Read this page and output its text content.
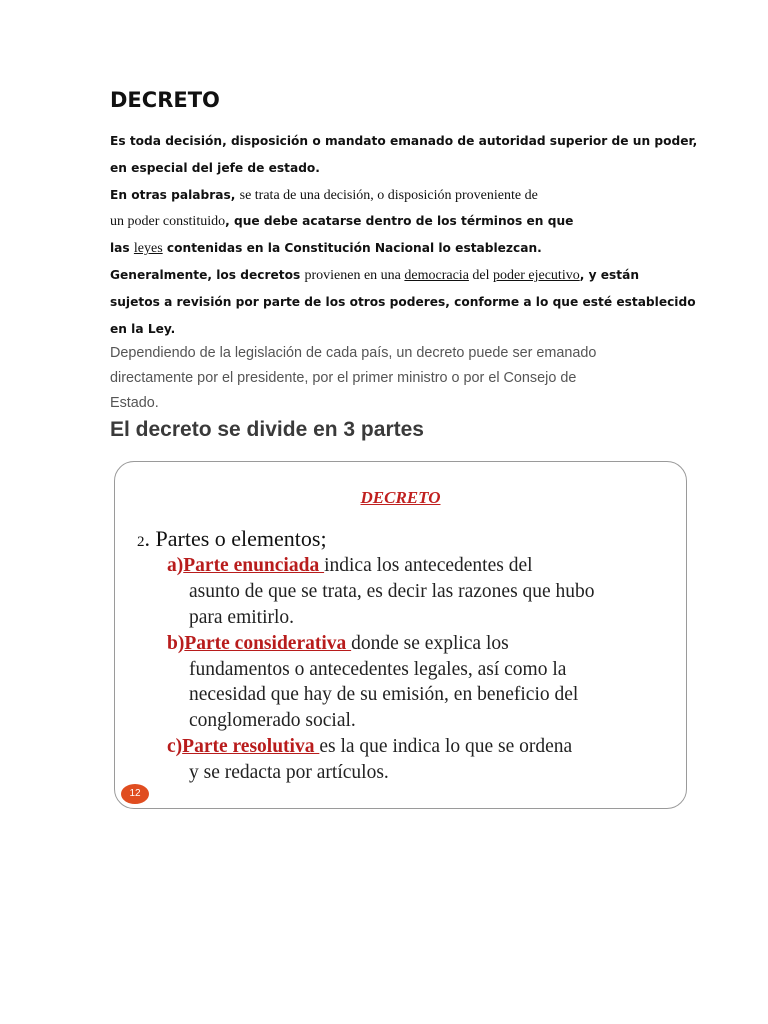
DECRETO
Es toda decisión, disposición o mandato emanado de autoridad superior de un poder,
en especial del jefe de estado.
En otras palabras, se trata de una decisión, o disposición proveniente de
un poder constituido, que debe acatarse dentro de los términos en que
las leyes contenidas en la Constitución Nacional lo establezcan.
Generalmente, los decretos provienen en una democracia del poder ejecutivo, y están
sujetos a revisión por parte de los otros poderes, conforme a lo que esté establecido
en la Ley.
Dependiendo de la legislación de cada país, un decreto puede ser emanado
directamente por el presidente, por el primer ministro o por el Consejo de
Estado.
El decreto se divide en 3 partes
DECRETO
2. Partes o elementos;
a)Parte enunciada indica los antecedentes del
asunto de que se trata, es decir las razones que hubo
para emitirlo.
b)Parte considerativa donde se explica los
fundamentos o antecedentes legales, así como la
necesidad que hay de su emisión, en beneficio del
conglomerado social.
c)Parte resolutiva es la que indica lo que se ordena
y se redacta por artículos.
12
